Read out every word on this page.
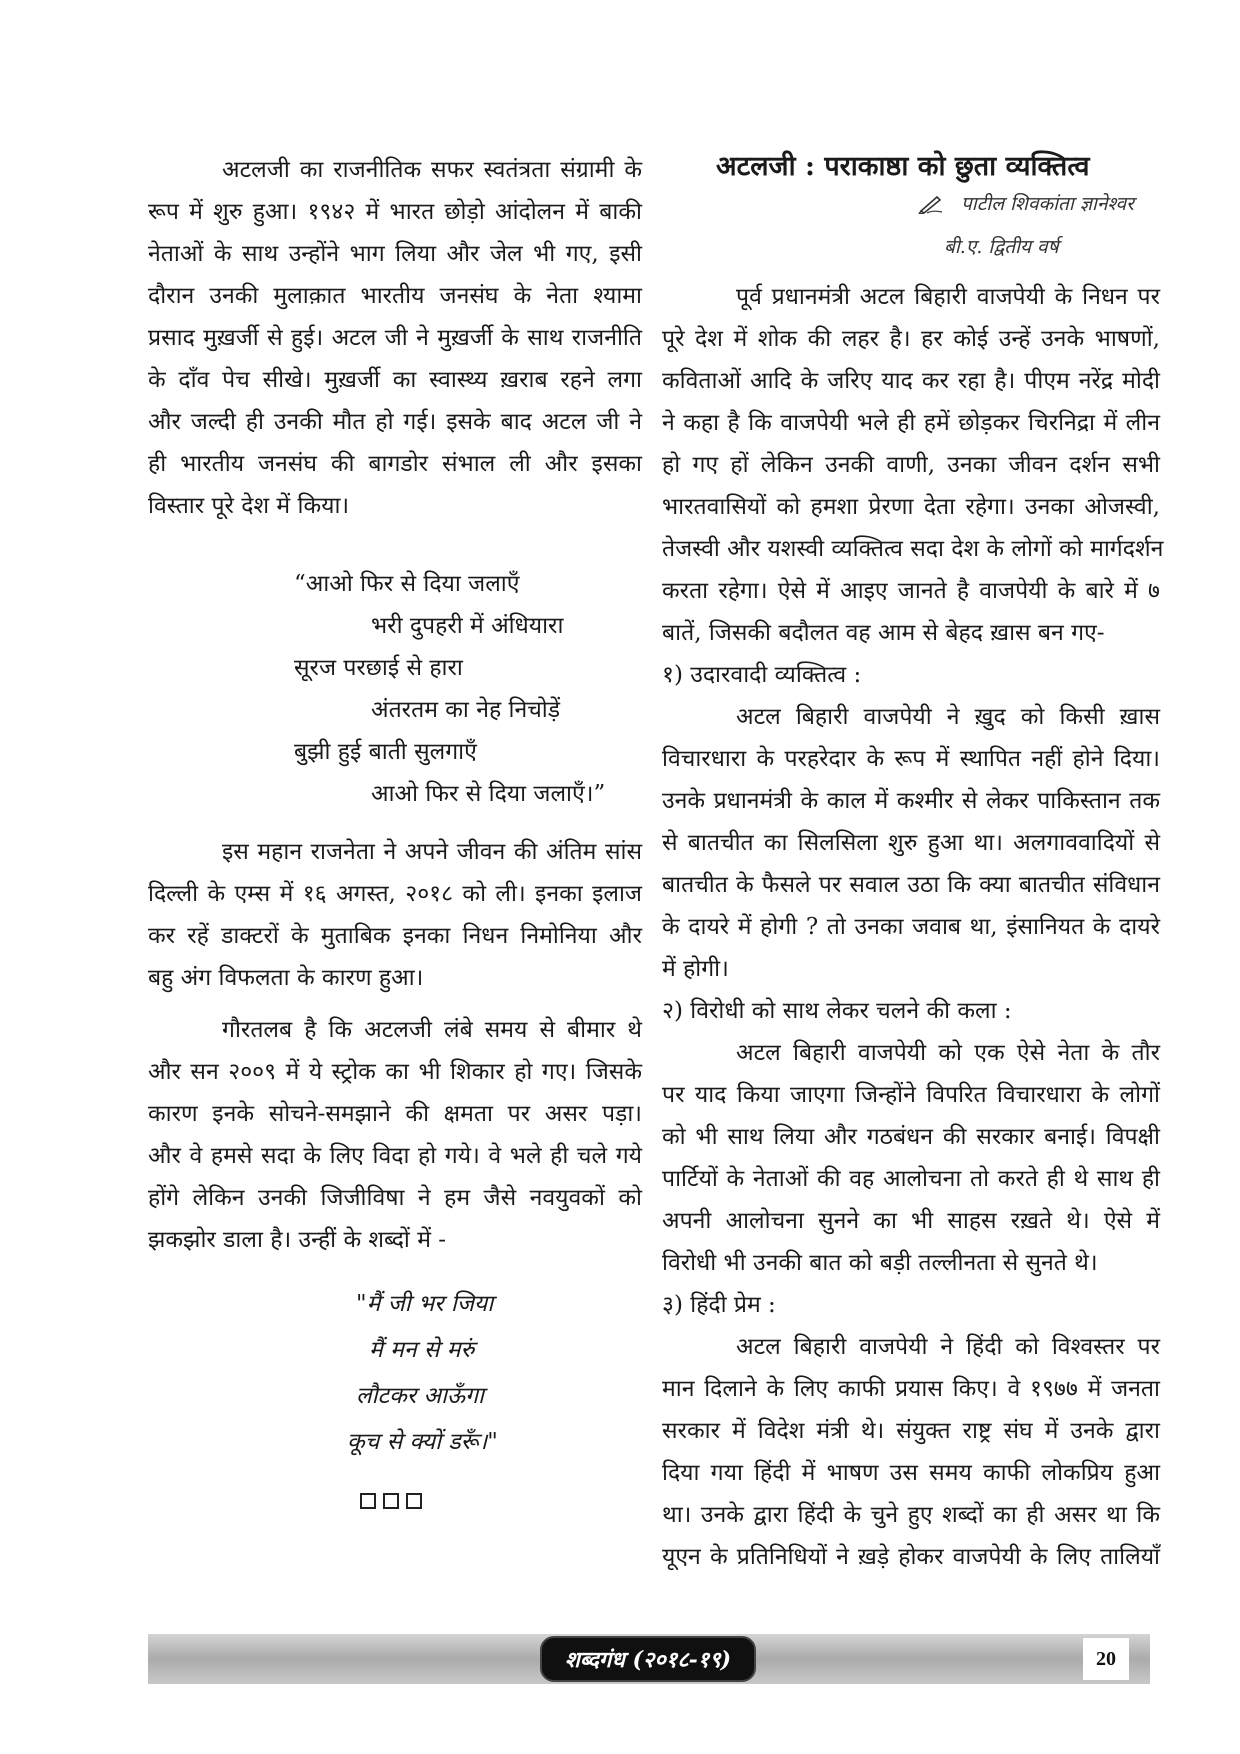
अटलजी : पराकाष्ठा को छुता व्यक्तित्व
पाटील शिवकांता ज्ञानेश्वर
बी.ए. द्वितीय वर्ष
अटलजी का राजनीतिक सफर स्वतंत्रता संग्रामी के
रूप में शुरु हुआ। १९४२ में भारत छोड़ो आंदोलन में बाकी
नेताओं के साथ उन्होंने भाग लिया और जेल भी गए, इसी
दौरान उनकी मुलाक़ात भारतीय जनसंघ के नेता श्यामा
प्रसाद मुख़र्जी से हुई। अटल जी ने मुख़र्जी के साथ राजनीति
के दाँव पेच सीखे। मुख़र्जी का स्वास्थ्य ख़राब रहने लगा
और जल्दी ही उनकी मौत हो गई। इसके बाद अटल जी ने
ही भारतीय जनसंघ की बागडोर संभाल ली और इसका
विस्तार पूरे देश में किया।
“आओ फिर से दिया जलाएँ
भरी दुपहरी में अंधियारा
सूरज परछाई से हारा
अंतरतम का नेह निचोड़ें
बुझी हुई बाती सुलगाएँ
आओ फिर से दिया जलाएँ।”
इस महान राजनेता ने अपने जीवन की अंतिम सांस
दिल्ली के एम्स में १६ अगस्त, २०१८ को ली। इनका इलाज
कर रहें डाक्टरों के मुताबिक इनका निधन निमोनिया और
बहु अंग विफलता के कारण हुआ।
गौरतलब है कि अटलजी लंबे समय से बीमार थे
और सन २००९ में ये स्ट्रोक का भी शिकार हो गए। जिसके
कारण इनके सोचने-समझाने की क्षमता पर असर पड़ा।
और वे हमसे सदा के लिए विदा हो गये। वे भले ही चले गये
होंगे लेकिन उनकी जिजीविषा ने हम जैसे नवयुवकों को
झकझोर डाला है। उन्हीं के शब्दों में -
"मैं जी भर जिया
मैं मन से मरुं
लौटकर आऊँगा
कूच से क्यों डरूँ।"
पूर्व प्रधानमंत्री अटल बिहारी वाजपेयी के निधन पर
पूरे देश में शोक की लहर है। हर कोई उन्हें उनके भाषणों,
कविताओं आदि के जरिए याद कर रहा है। पीएम नरेंद्र मोदी
ने कहा है कि वाजपेयी भले ही हमें छोड़कर चिरनिद्रा में लीन
हो गए हों लेकिन उनकी वाणी, उनका जीवन दर्शन सभी
भारतवासियों को हमशा प्रेरणा देता रहेगा। उनका ओजस्वी,
तेजस्वी और यशस्वी व्यक्तित्व सदा देश के लोगों को मार्गदर्शन
करता रहेगा। ऐसे में आइए जानते है वाजपेयी के बारे में ७
बातें, जिसकी बदौलत वह आम से बेहद ख़ास बन गए-
१) उदारवादी व्यक्तित्व :
अटल बिहारी वाजपेयी ने ख़ुद को किसी ख़ास
विचारधारा के परहरेदार के रूप में स्थापित नहीं होने दिया।
उनके प्रधानमंत्री के काल में कश्मीर से लेकर पाकिस्तान तक
से बातचीत का सिलसिला शुरु हुआ था। अलगाववादियों से
बातचीत के फैसले पर सवाल उठा कि क्या बातचीत संविधान
के दायरे में होगी ? तो उनका जवाब था, इंसानियत के दायरे
में होगी।
२) विरोधी को साथ लेकर चलने की कला :
अटल बिहारी वाजपेयी को एक ऐसे नेता के तौर
पर याद किया जाएगा जिन्होंने विपरित विचारधारा के लोगों
को भी साथ लिया और गठबंधन की सरकार बनाई। विपक्षी
पार्टियों के नेताओं की वह आलोचना तो करते ही थे साथ ही
अपनी आलोचना सुनने का भी साहस रख़ते थे। ऐसे में
विरोधी भी उनकी बात को बड़ी तल्लीनता से सुनते थे।
३) हिंदी प्रेम :
अटल बिहारी वाजपेयी ने हिंदी को विश्वस्तर पर
मान दिलाने के लिए काफी प्रयास किए। वे १९७७ में जनता
सरकार में विदेश मंत्री थे। संयुक्त राष्ट्र संघ में उनके द्वारा
दिया गया हिंदी में भाषण उस समय काफी लोकप्रिय हुआ
था। उनके द्वारा हिंदी के चुने हुए शब्दों का ही असर था कि
यूएन के प्रतिनिधियों ने ख़ड़े होकर वाजपेयी के लिए तालियाँ
शब्दगंध (२०१८-१९)	20
